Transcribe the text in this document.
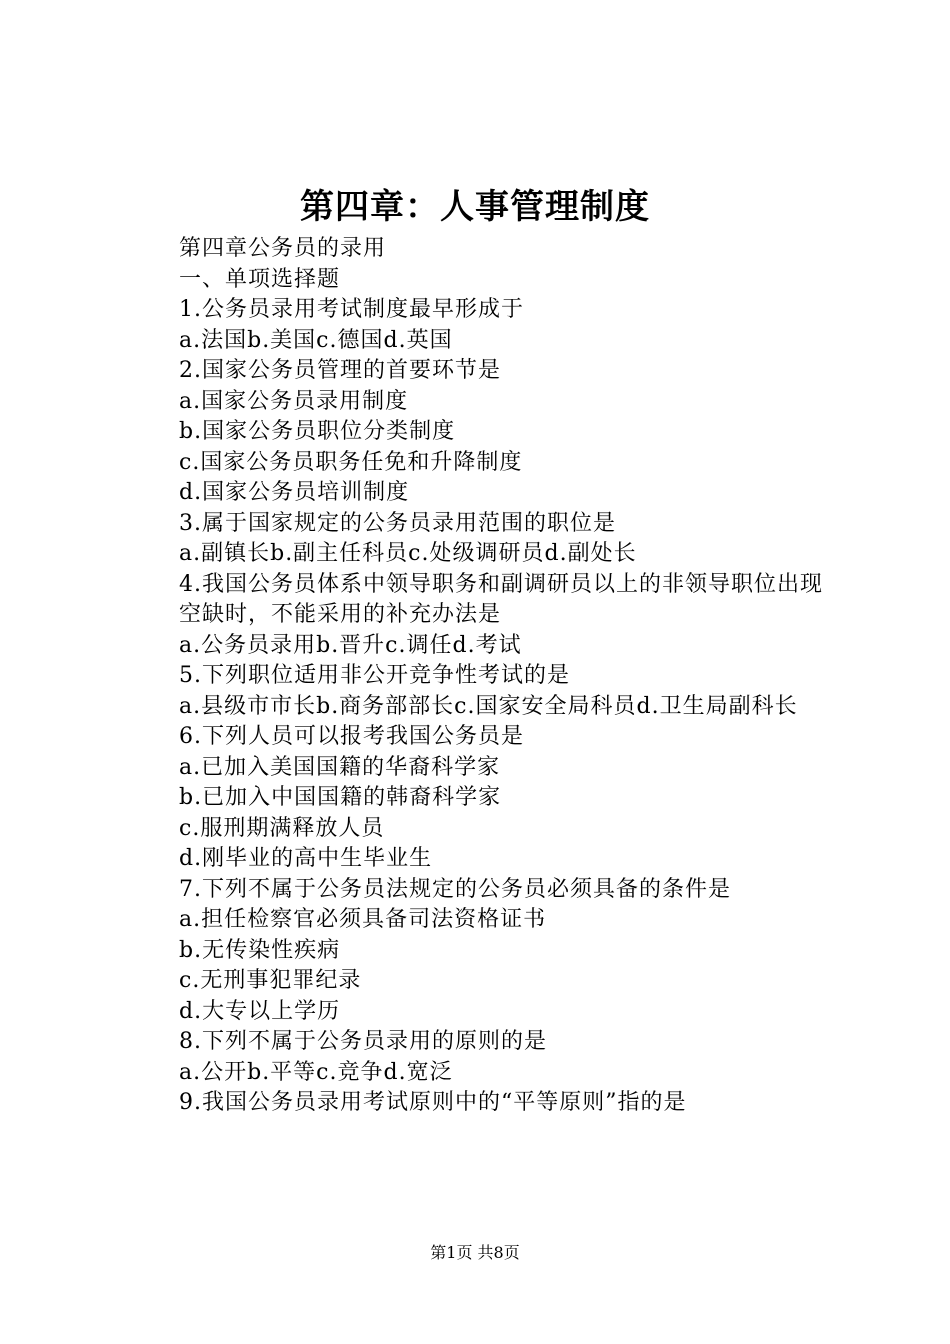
第四章：人事管理制度
第四章公务员的录用
一、单项选择题
1.公务员录用考试制度最早形成于
a.法国b.美国c.德国d.英国
2.国家公务员管理的首要环节是
a.国家公务员录用制度
b.国家公务员职位分类制度
c.国家公务员职务任免和升降制度
d.国家公务员培训制度
3.属于国家规定的公务员录用范围的职位是
a.副镇长b.副主任科员c.处级调研员d.副处长
4.我国公务员体系中领导职务和副调研员以上的非领导职位出现
空缺时，不能采用的补充办法是
a.公务员录用b.晋升c.调任d.考试
5.下列职位适用非公开竞争性考试的是
a.县级市市长b.商务部部长c.国家安全局科员d.卫生局副科长
6.下列人员可以报考我国公务员是
a.已加入美国国籍的华裔科学家
b.已加入中国国籍的韩裔科学家
c.服刑期满释放人员
d.刚毕业的高中生毕业生
7.下列不属于公务员法规定的公务员必须具备的条件是
a.担任检察官必须具备司法资格证书
b.无传染性疾病
c.无刑事犯罪纪录
d.大专以上学历
8.下列不属于公务员录用的原则的是
a.公开b.平等c.竞争d.宽泛
9.我国公务员录用考试原则中的“平等原则”指的是
第1页 共8页
